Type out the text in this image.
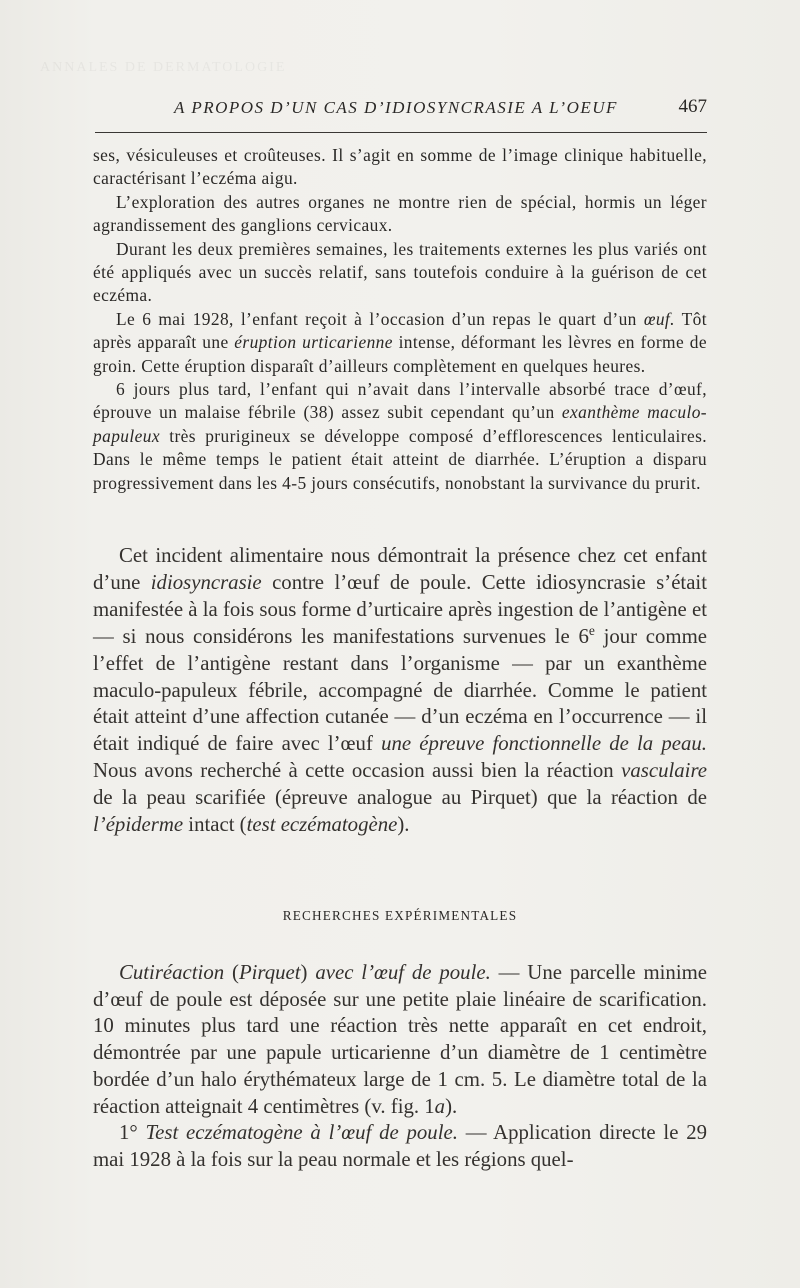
ANNALES DE DERMATOLOGIE
A PROPOS D’UN CAS D’IDIOSYNCRASIE A L’OEUF	467

ses, vésiculeuses et croûteuses. Il s’agit en somme de l’image clinique habituelle, caractérisant l’eczéma aigu.

L’exploration des autres organes ne montre rien de spécial, hormis un léger agrandissement des ganglions cervicaux.

Durant les deux premières semaines, les traitements externes les plus variés ont été appliqués avec un succès relatif, sans toutefois conduire à la guérison de cet eczéma.

Le 6 mai 1928, l’enfant reçoit à l’occasion d’un repas le quart d’un œuf. Tôt après apparaît une éruption urticarienne intense, déformant les lèvres en forme de groin. Cette éruption disparaît d’ailleurs complètement en quelques heures.

6 jours plus tard, l’enfant qui n’avait dans l’intervalle absorbé trace d’œuf, éprouve un malaise fébrile (38) assez subit cependant qu’un exanthème maculo-papuleux très prurigineux se développe composé d’efflorescences lenticulaires. Dans le même temps le patient était atteint de diarrhée. L’éruption a disparu progressivement dans les 4-5 jours consécutifs, nonobstant la survivance du prurit.

Cet incident alimentaire nous démontrait la présence chez cet enfant d’une idiosyncrasie contre l’œuf de poule. Cette idiosyncrasie s’était manifestée à la fois sous forme d’urticaire après ingestion de l’antigène et — si nous considérons les manifestations survenues le 6e jour comme l’effet de l’antigène restant dans l’organisme — par un exanthème maculo-papuleux fébrile, accompagné de diarrhée. Comme le patient était atteint d’une affection cutanée — d’un eczéma en l’occurrence — il était indiqué de faire avec l’œuf une épreuve fonctionnelle de la peau. Nous avons recherché à cette occasion aussi bien la réaction vasculaire de la peau scarifiée (épreuve analogue au Pirquet) que la réaction de l’épiderme intact (test eczématogène).

RECHERCHES EXPÉRIMENTALES

Cutiréaction (Pirquet) avec l’œuf de poule. — Une parcelle minime d’œuf de poule est déposée sur une petite plaie linéaire de scarification. 10 minutes plus tard une réaction très nette apparaît en cet endroit, démontrée par une papule urticarienne d’un diamètre de 1 centimètre bordée d’un halo érythémateux large de 1 cm. 5. Le diamètre total de la réaction atteignait 4 centimètres (v. fig. 1a).

1° Test eczématogène à l’œuf de poule. — Application directe le 29 mai 1928 à la fois sur la peau normale et les régions quel-
